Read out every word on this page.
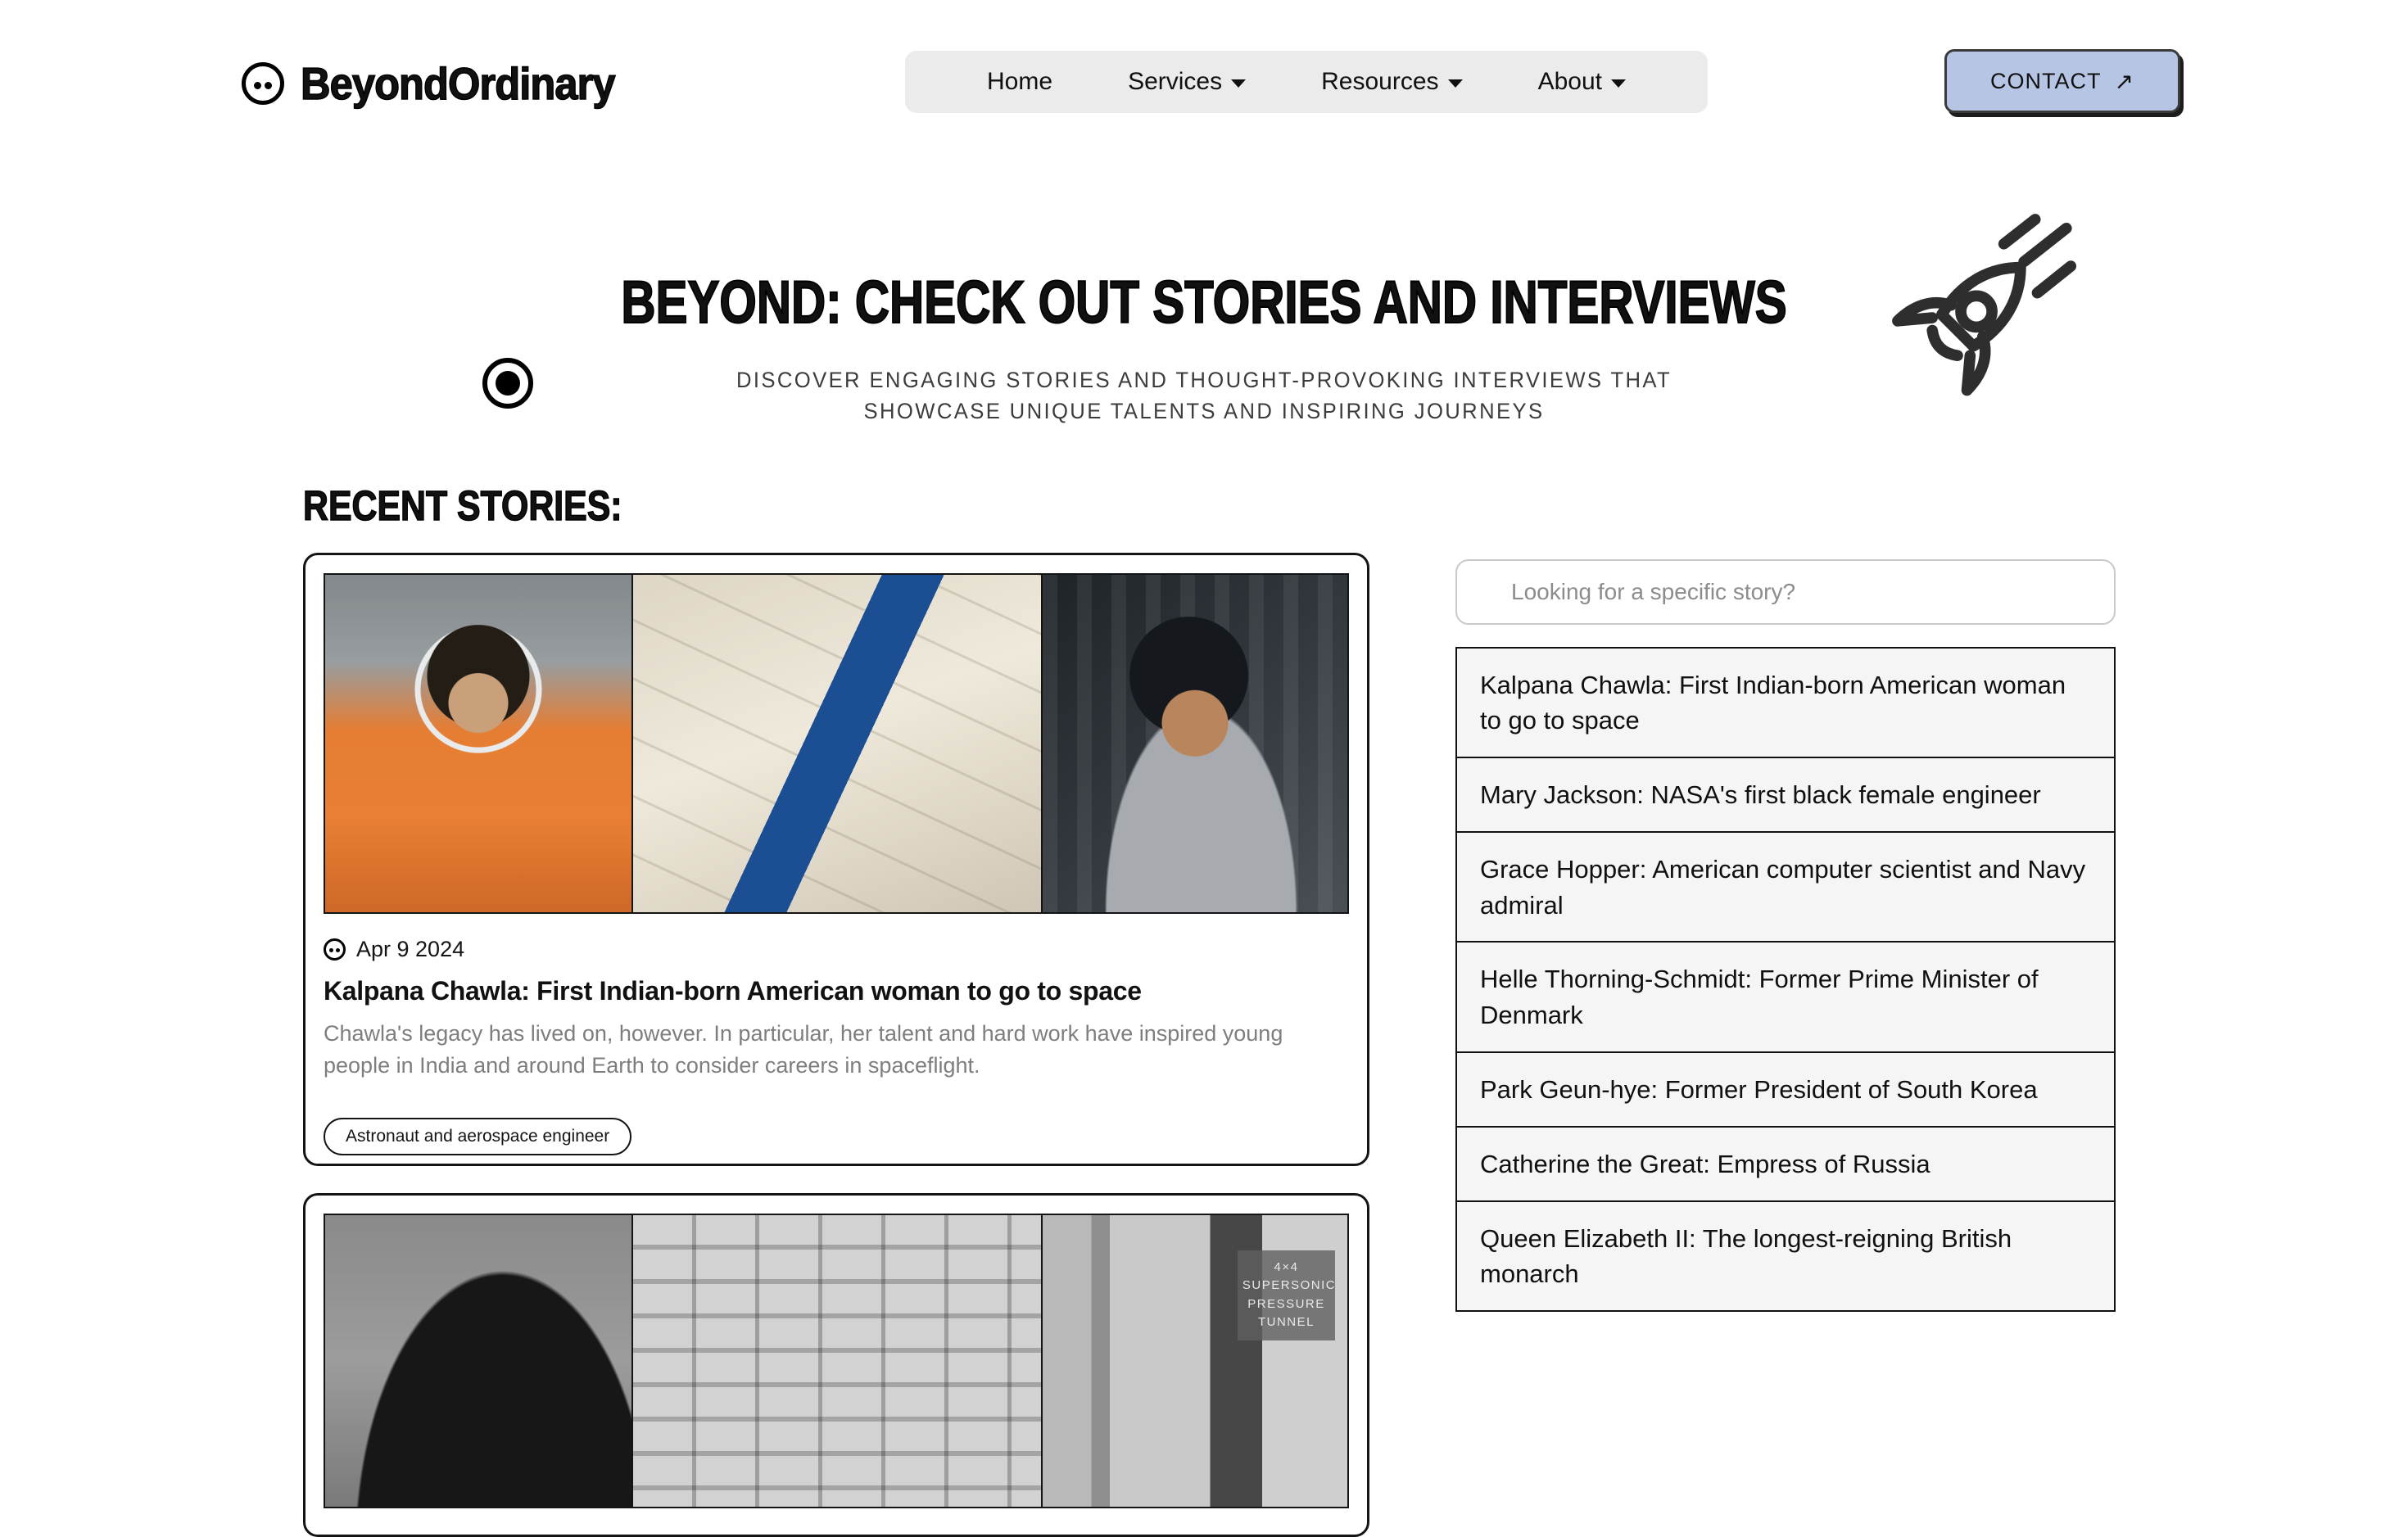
BeyondOrdinary	Home	Services	Resources	About	CONTACT ↗
BEYOND: CHECK OUT STORIES AND INTERVIEWS

DISCOVER ENGAGING STORIES AND THOUGHT-PROVOKING INTERVIEWS THAT
SHOWCASE UNIQUE TALENTS AND INSPIRING JOURNEYS

RECENT STORIES:
Apr 9 2024
Kalpana Chawla: First Indian-born American woman to go to space

Chawla's legacy has lived on, however. In particular, her talent and hard work have inspired young people in India and around Earth to consider careers in spaceflight.

Astronaut and aerospace engineer
4×4 SUPERSONIC PRESSURE
TUNNEL
Looking for a specific story?
Kalpana Chawla: First Indian-born American woman to go to space
Mary Jackson: NASA's first black female engineer
Grace Hopper: American computer scientist and Navy admiral
Helle Thorning-Schmidt: Former Prime Minister of Denmark
Park Geun-hye: Former President of South Korea
Catherine the Great: Empress of Russia
Queen Elizabeth II: The longest-reigning British monarch
